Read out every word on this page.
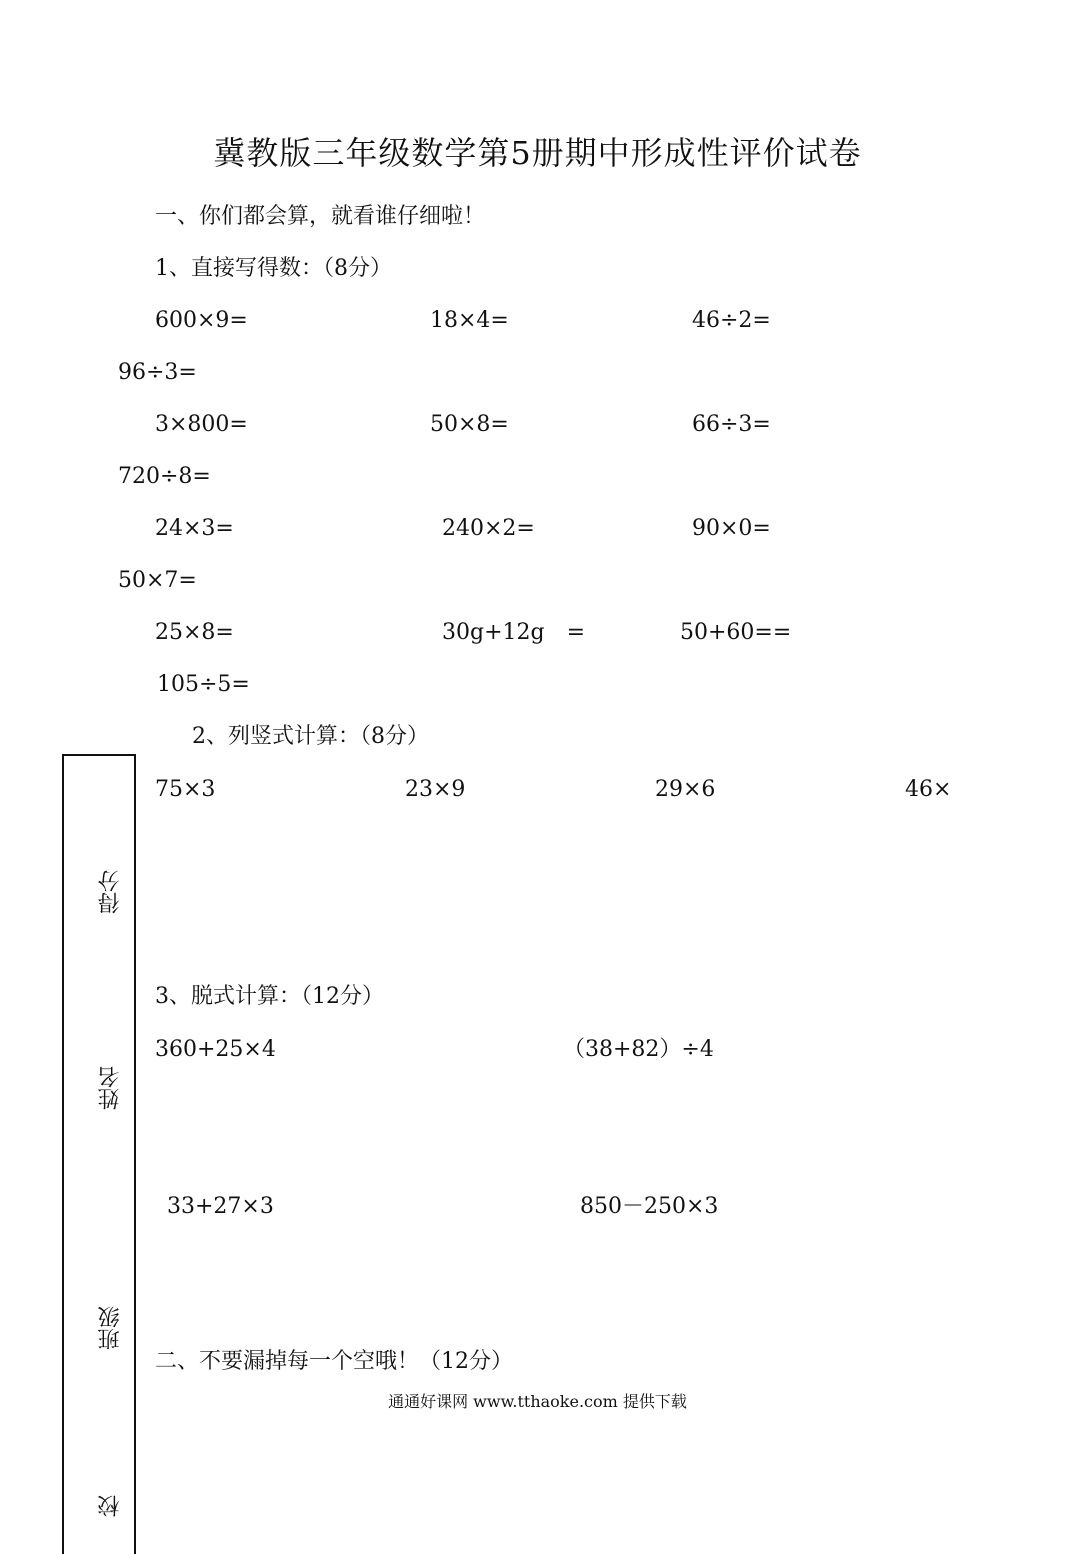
冀教版三年级数学第5册期中形成性评价试卷
一、你们都会算，就看谁仔细啦！
1、直接写得数：（8分）
600×9=	18×4=	46÷2=
96÷3=
3×800=	50×8=	66÷3=
720÷8=
24×3=	240×2=	90×0=
50×7=
25×8=	30g+12g　=	50+60==
105÷5=
2、列竖式计算：（8分）
75×3	23×9	29×6	46×
3、脱式计算：（12分）
360+25×4	（38+82）÷4
33+27×3	850－250×3
二、不要漏掉每一个空哦！（12分）
通通好课网 www.tthaoke.com 提供下载
得分
姓名
班级
校
